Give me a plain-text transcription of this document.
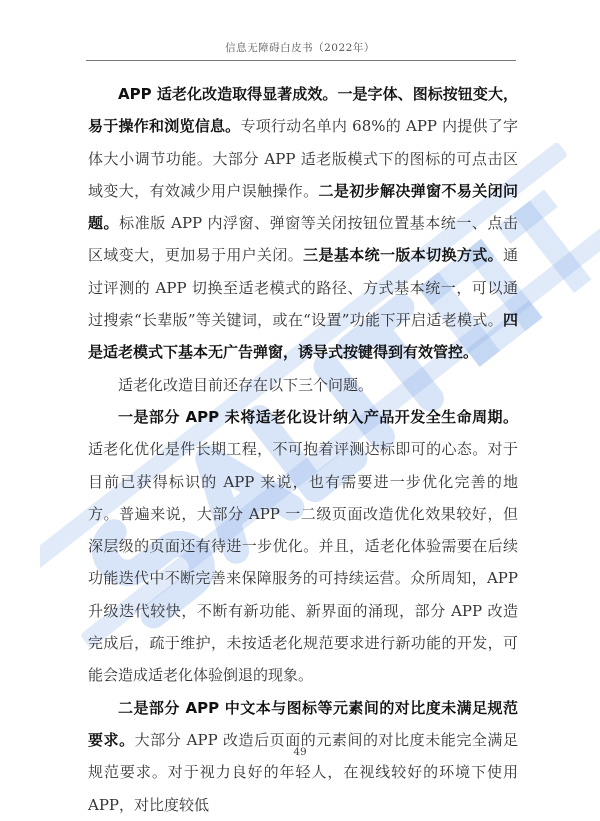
信息无障碍白皮书（2022年）

APP 适老化改造取得显著成效。一是字体、图标按钮变大，易于操作和浏览信息。专项行动名单内 68%的 APP 内提供了字体大小调节功能。大部分 APP 适老版模式下的图标的可点击区域变大，有效减少用户误触操作。二是初步解决弹窗不易关闭问题。标准版 APP 内浮窗、弹窗等关闭按钮位置基本统一、点击区域变大，更加易于用户关闭。三是基本统一版本切换方式。通过评测的 APP 切换至适老模式的路径、方式基本统一，可以通过搜索“长辈版”等关键词，或在“设置”功能下开启适老模式。四是适老模式下基本无广告弹窗，诱导式按键得到有效管控。

适老化改造目前还存在以下三个问题。

一是部分 APP 未将适老化设计纳入产品开发全生命周期。适老化优化是件长期工程，不可抱着评测达标即可的心态。对于目前已获得标识的 APP 来说，也有需要进一步优化完善的地方。普遍来说，大部分 APP 一二级页面改造优化效果较好，但深层级的页面还有待进一步优化。并且，适老化体验需要在后续功能迭代中不断完善来保障服务的可持续运营。众所周知，APP 升级迭代较快，不断有新功能、新界面的涌现，部分 APP 改造完成后，疏于维护，未按适老化规范要求进行新功能的开发，可能会造成适老化体验倒退的现象。

二是部分 APP 中文本与图标等元素间的对比度未满足规范要求。大部分 APP 改造后页面的元素间的对比度未能完全满足规范要求。对于视力良好的年轻人，在视线较好的环境下使用 APP，对比度较低

49
